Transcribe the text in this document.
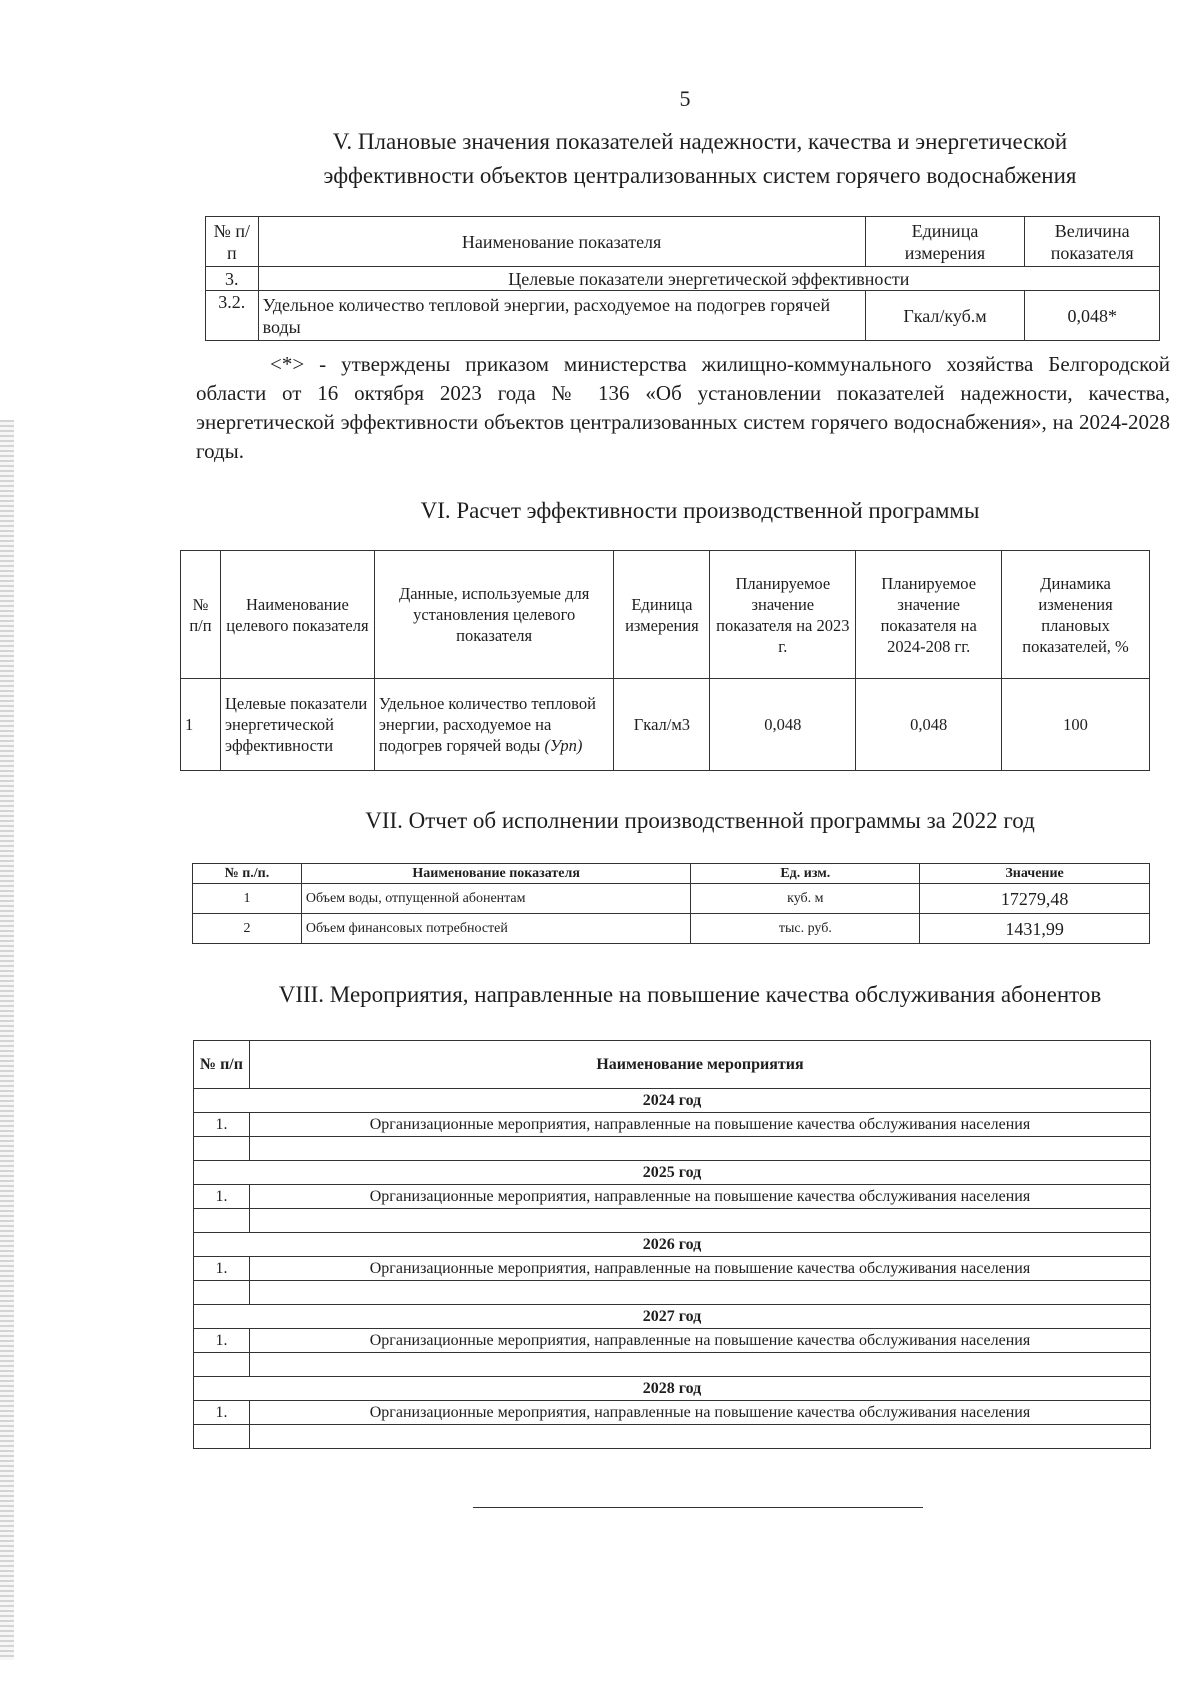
5
V. Плановые значения показателей надежности, качества и энергетической
эффективности объектов централизованных систем горячего водоснабжения
№ п/п	Наименование показателя	Единица измерения	Величина показателя
3.	Целевые показатели энергетической эффективности		
3.2.	Удельное количество тепловой энергии, расходуемое на подогрев горячей воды	Гкал/куб.м	0,048*
<*> - утверждены приказом министерства жилищно-коммунального хозяйства Белгородской области от 16 октября 2023 года № 136 «Об установлении показателей надежности, качества, энергетической эффективности объектов централизованных систем горячего водоснабжения», на 2024-2028 годы.
VI. Расчет эффективности производственной программы
№ п/п	Наименование целевого показателя	Данные, используемые для установления целевого показателя	Единица измерения	Планируемое значение показателя на 2023 г.	Планируемое значение показателя на 2024-208 гг.	Динамика изменения плановых показателей, %
1	Целевые показатели энергетической эффективности	Удельное количество тепловой энергии, расходуемое на подогрев горячей воды (Урп)	Гкал/м3	0,048	0,048	100
VII. Отчет об исполнении производственной программы за 2022 год
№ п./п.	Наименование показателя	Ед. изм.	Значение
1	Объем воды, отпущенной абонентам	куб. м	17279,48
2	Объем финансовых потребностей	тыс. руб.	1431,99
VIII. Мероприятия, направленные на повышение качества обслуживания абонентов
№ п/п	Наименование мероприятия
2024 год	
1.	Организационные мероприятия, направленные на повышение качества обслуживания населения

2025 год	
1.	Организационные мероприятия, направленные на повышение качества обслуживания населения

2026 год	
1.	Организационные мероприятия, направленные на повышение качества обслуживания населения

2027 год	
1.	Организационные мероприятия, направленные на повышение качества обслуживания населения

2028 год	
1.	Организационные мероприятия, направленные на повышение качества обслуживания населения
